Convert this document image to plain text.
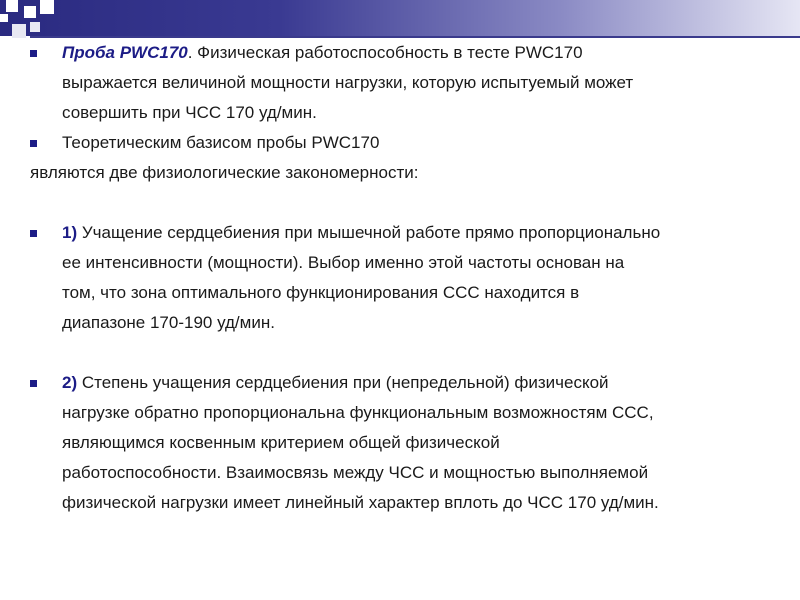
Проба PWC170. Физическая работоспособность в тесте PWC170
выражается величиной мощности нагрузки, которую испытуемый может
совершить при ЧСС 170 уд/мин.
Теоретическим базисом пробы PWC170
являются две физиологические закономерности:
1) Учащение сердцебиения при мышечной работе прямо пропорционально
ее интенсивности (мощности). Выбор именно этой частоты основан на
том, что зона оптимального функционирования ССС находится в
диапазоне 170-190 уд/мин.
2) Степень учащения сердцебиения при (непредельной) физической
нагрузке обратно пропорциональна функциональным возможностям ССС,
являющимся косвенным критерием общей физической
работоспособности. Взаимосвязь между ЧСС и мощностью выполняемой
физической нагрузки имеет линейный характер вплоть до ЧСС 170 уд/мин.
